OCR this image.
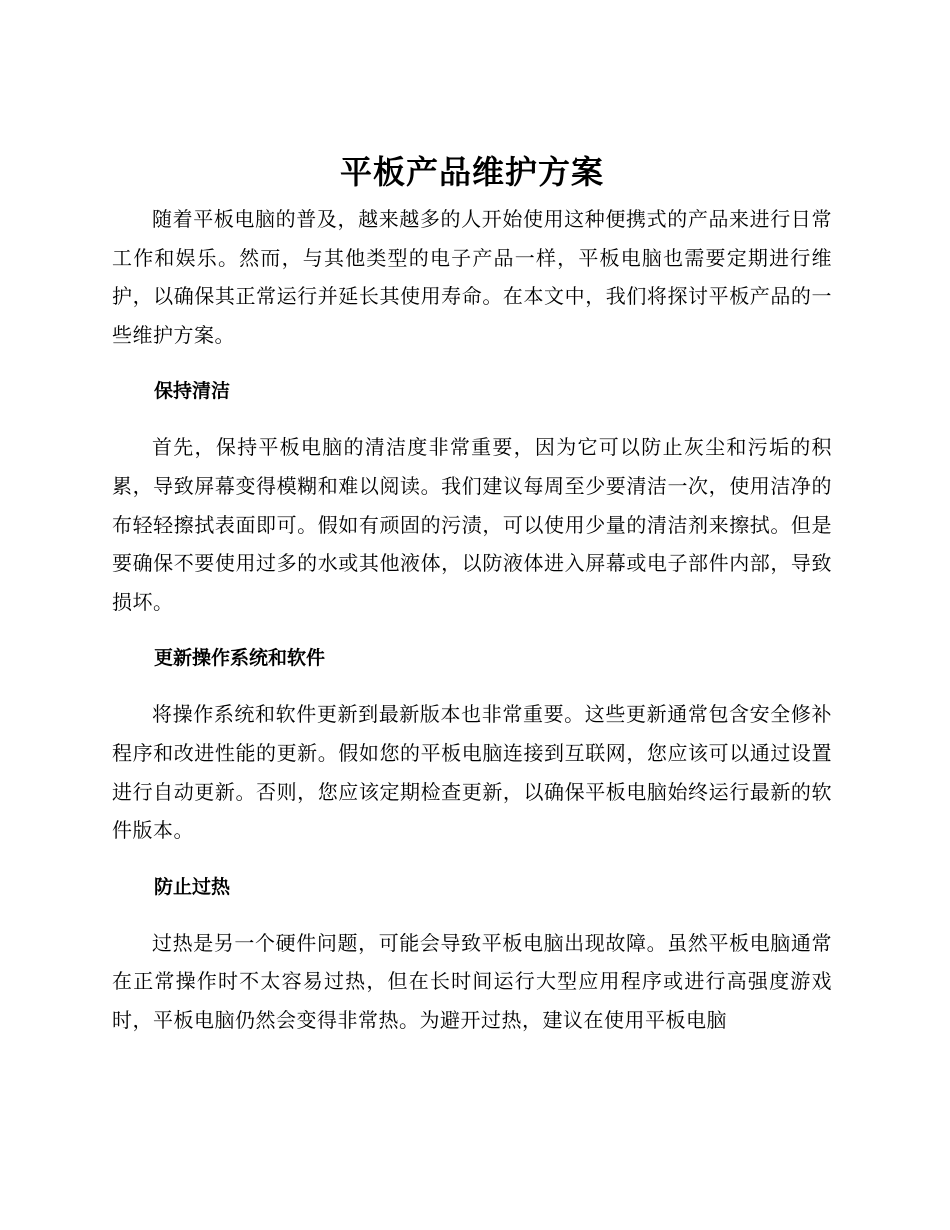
平板产品维护方案

随着平板电脑的普及，越来越多的人开始使用这种便携式的产品来进行日常工作和娱乐。然而，与其他类型的电子产品一样，平板电脑也需要定期进行维护，以确保其正常运行并延长其使用寿命。在本文中，我们将探讨平板产品的一些维护方案。

保持清洁

首先，保持平板电脑的清洁度非常重要，因为它可以防止灰尘和污垢的积累，导致屏幕变得模糊和难以阅读。我们建议每周至少要清洁一次，使用洁净的布轻轻擦拭表面即可。假如有顽固的污渍，可以使用少量的清洁剂来擦拭。但是要确保不要使用过多的水或其他液体，以防液体进入屏幕或电子部件内部，导致损坏。

更新操作系统和软件

将操作系统和软件更新到最新版本也非常重要。这些更新通常包含安全修补程序和改进性能的更新。假如您的平板电脑连接到互联网，您应该可以通过设置进行自动更新。否则，您应该定期检查更新，以确保平板电脑始终运行最新的软件版本。

防止过热

过热是另一个硬件问题，可能会导致平板电脑出现故障。虽然平板电脑通常在正常操作时不太容易过热，但在长时间运行大型应用程序或进行高强度游戏时，平板电脑仍然会变得非常热。为避开过热，建议在使用平板电脑
